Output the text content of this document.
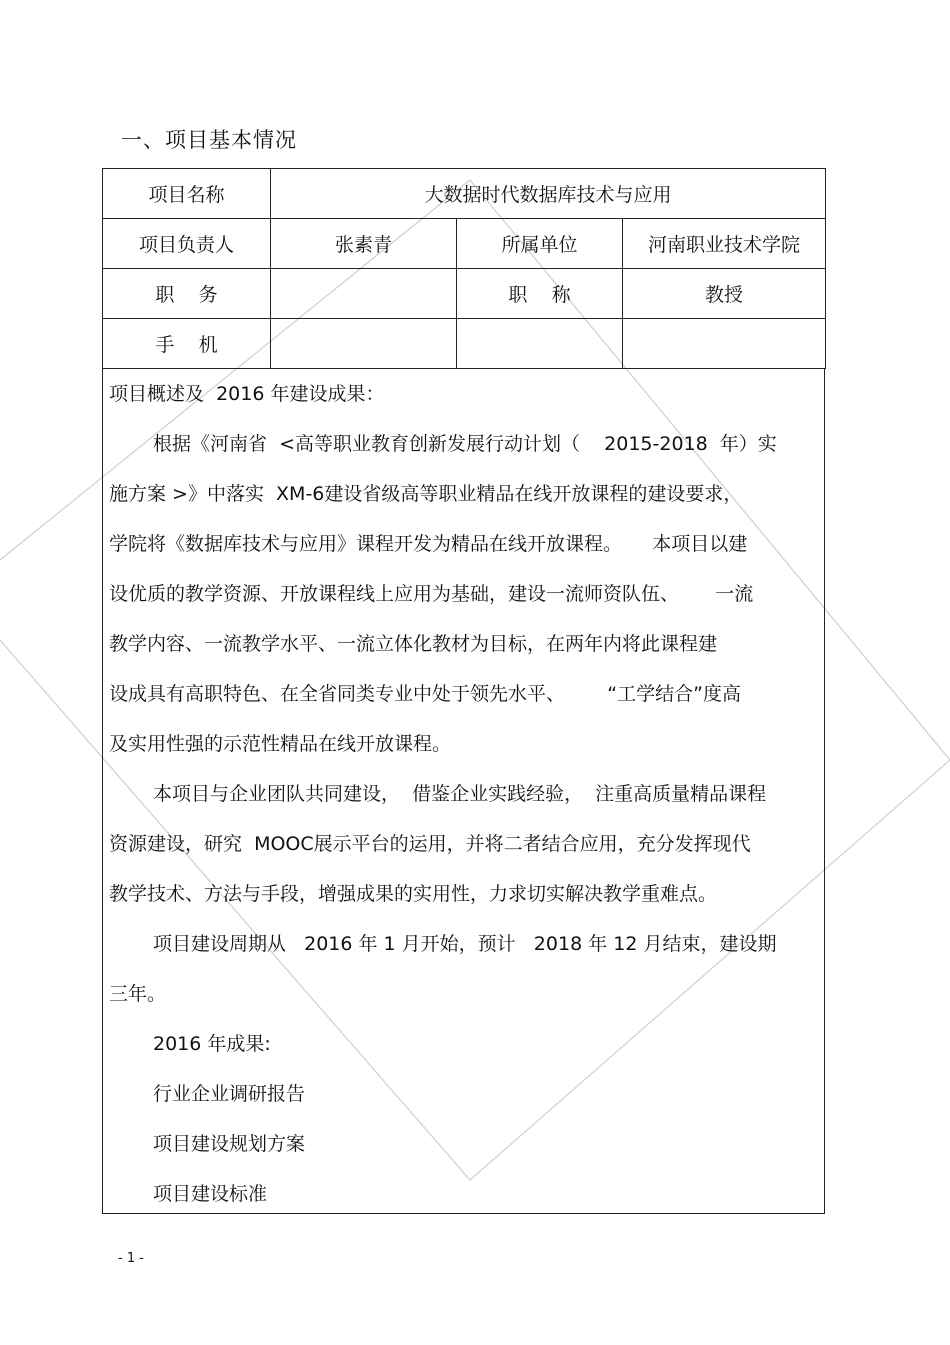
一、项目基本情况
项目名称	大数据时代数据库技术与应用		
项目负责人	张素青	所属单位	河南职业技术学院
职    务		职    称	教授
手    机			
项目概述及  2016 年建设成果：
根据《河南省  <高等职业教育创新发展行动计划（    2015-2018  年）实
施方案 >》中落实  XM-6建设省级高等职业精品在线开放课程的建设要求，
学院将《数据库技术与应用》课程开发为精品在线开放课程。     本项目以建
设优质的教学资源、开放课程线上应用为基础，建设一流师资队伍、      一流
教学内容、一流教学水平、一流立体化教材为目标，在两年内将此课程建
设成具有高职特色、在全省同类专业中处于领先水平、       “工学结合”度高
及实用性强的示范性精品在线开放课程。
本项目与企业团队共同建设，  借鉴企业实践经验，  注重高质量精品课程
资源建设，研究  MOOC展示平台的运用，并将二者结合应用，充分发挥现代
教学技术、方法与手段，增强成果的实用性，力求切实解决教学重难点。
项目建设周期从   2016 年 1 月开始，预计   2018 年 12 月结束，建设期
三年。
2016 年成果:
行业企业调研报告
项目建设规划方案
项目建设标准
- 1 -
